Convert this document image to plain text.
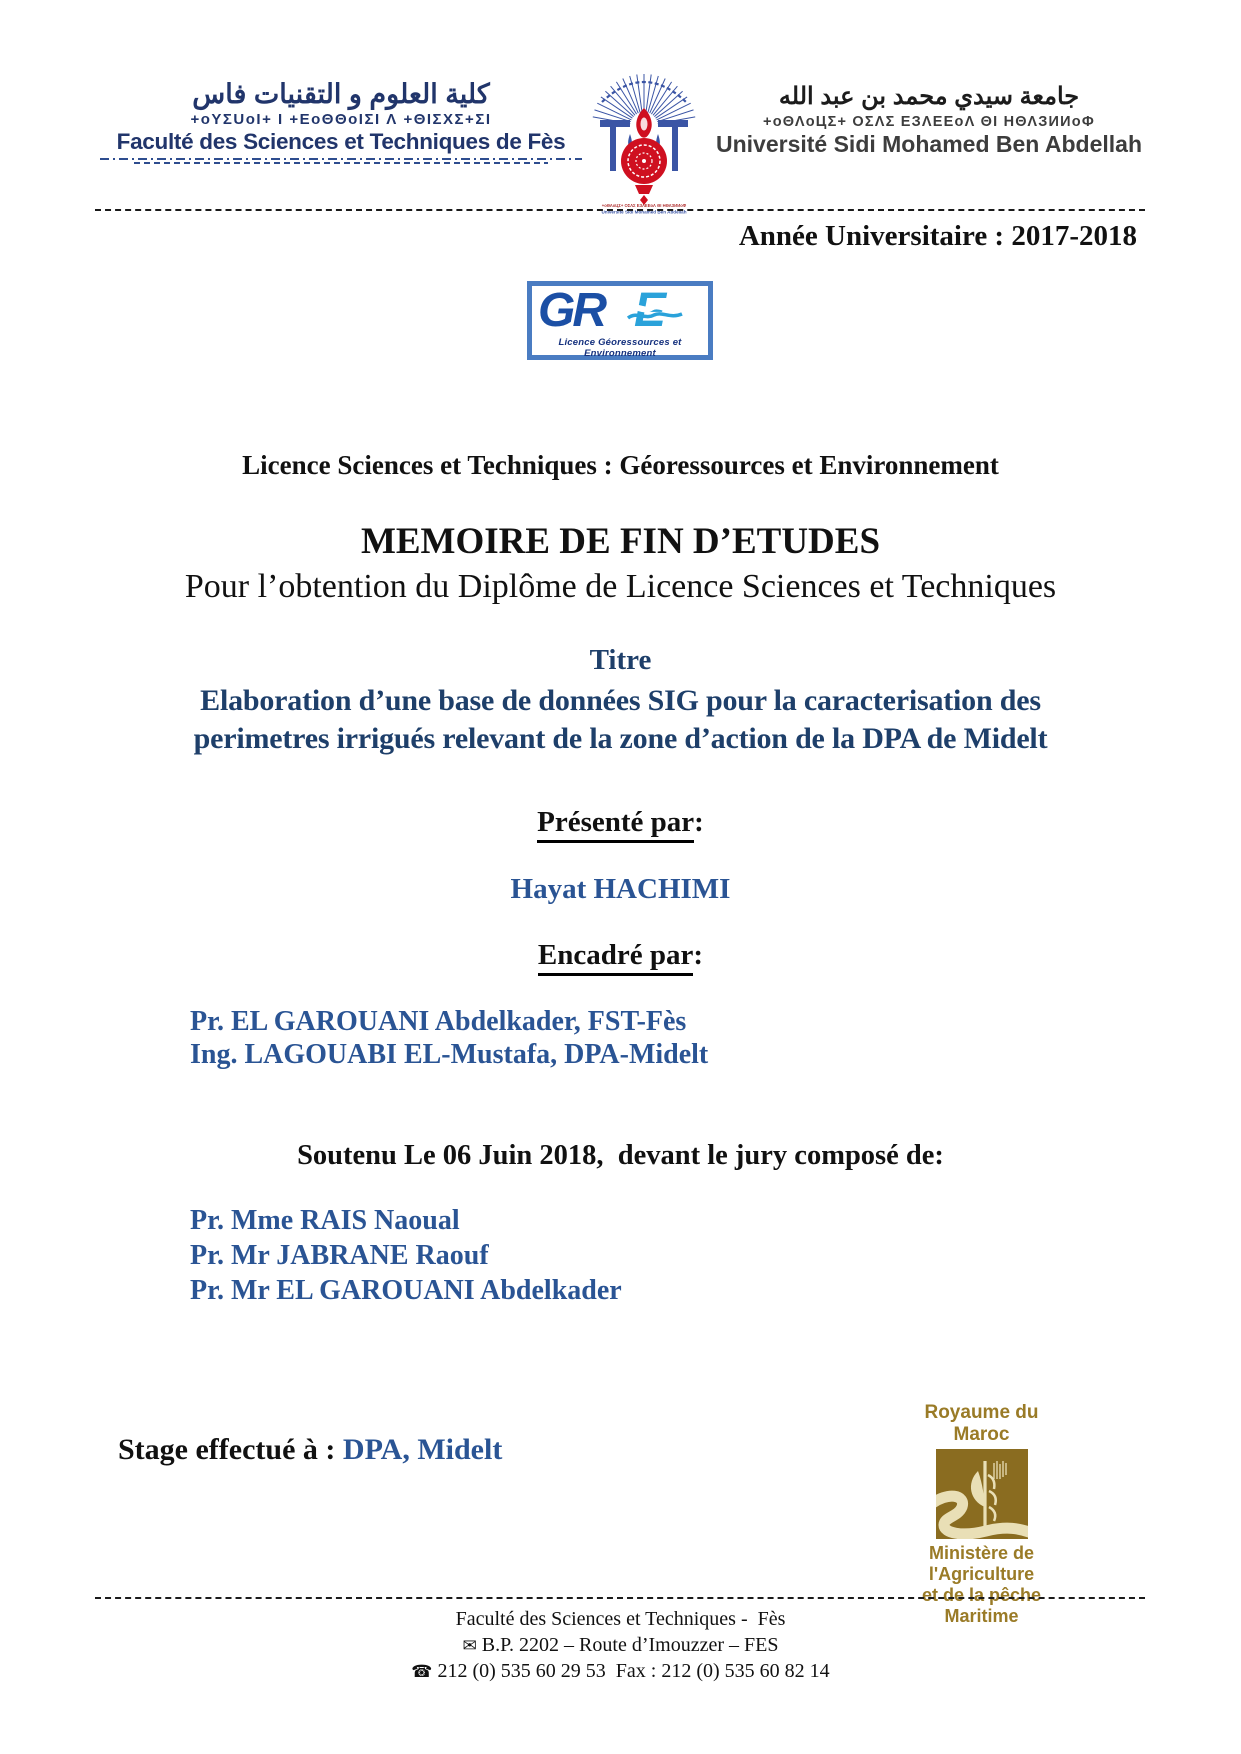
كلية العلوم و التقنيات فاس
+oYΣUoI+ I +ΕoΘΘoIΣI Λ +ΘIΣXΣ+ΣI
Faculté des Sciences et Techniques de Fès
+oΘΛoЦΣ+ ΟΣΛΣ ΕЗΛΕΕoΛ ΘΙ ΗΘΛЗИИoΦ
Université Sidi Mohamed Ben Abdellah
جامعة سيدي محمد بن عبد الله
+oΘΛoЦΣ+ ΟΣΛΣ ΕЗΛΕΕoΛ ΘΙ ΗΘΛЗИИoΦ
Université Sidi Mohamed Ben Abdellah
Année Universitaire : 2017-2018
GR E
Licence Géoressources et Environnement
Licence Sciences et Techniques : Géoressources et Environnement
MEMOIRE DE FIN D’ETUDES
Pour l’obtention du Diplôme de Licence Sciences et Techniques
Titre
Elaboration d’une base de données SIG pour la caracterisation des
perimetres irrigués relevant de la zone d’action de la DPA de Midelt
Présenté par:
Hayat HACHIMI
Encadré par:
Pr. EL GAROUANI Abdelkader, FST-Fès
Ing. LAGOUABI EL-Mustafa, DPA-Midelt
Soutenu Le 06 Juin 2018,  devant le jury composé de:
Pr. Mme RAIS Naoual
Pr. Mr JABRANE Raouf
Pr. Mr EL GAROUANI Abdelkader
Stage effectué à : DPA, Midelt
Royaume du Maroc
Ministère de l'Agriculture
et de la pêche Maritime
Faculté des Sciences et Techniques -  Fès
✉ B.P. 2202 – Route d’Imouzzer – FES
☎ 212 (0) 535 60 29 53  Fax : 212 (0) 535 60 82 14
